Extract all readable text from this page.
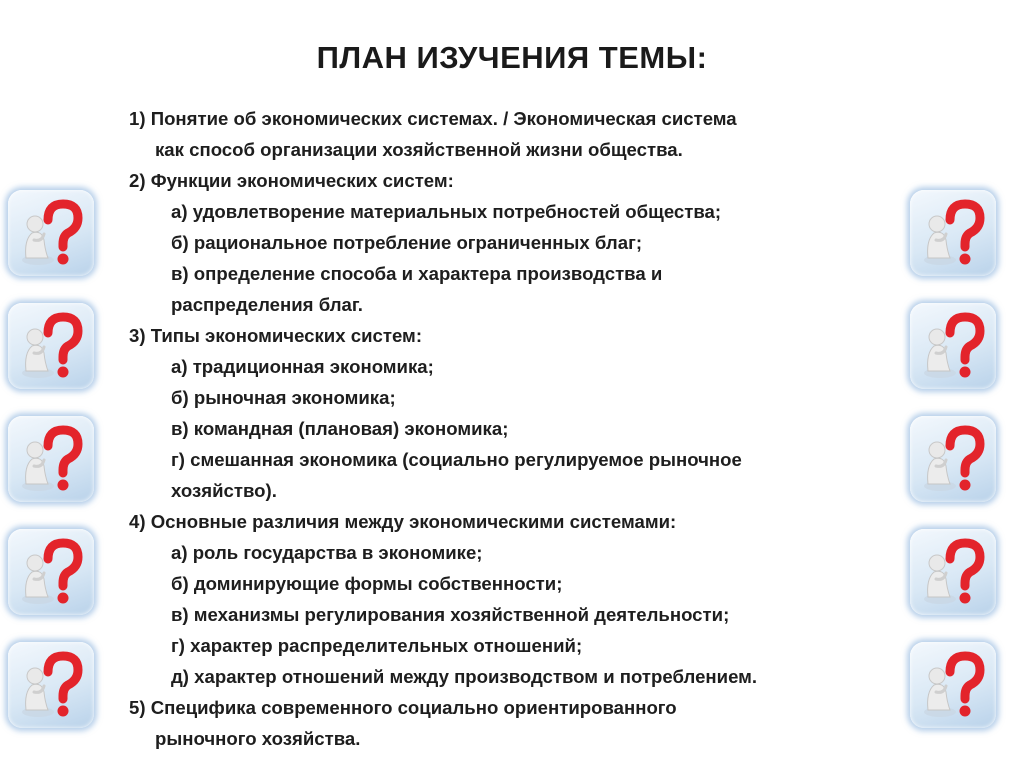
ПЛАН ИЗУЧЕНИЯ ТЕМЫ:
1) Понятие об экономических системах. / Экономическая система
как способ организации хозяйственной жизни общества.
2) Функции экономических систем:
а) удовлетворение материальных потребностей общества;
б) рациональное потребление ограниченных благ;
в) определение способа и характера производства и
распределения благ.
3) Типы экономических систем:
а) традиционная экономика;
б) рыночная экономика;
в) командная (плановая) экономика;
г) смешанная экономика (социально регулируемое рыночное
хозяйство).
4) Основные различия между экономическими системами:
а) роль государства в экономике;
б) доминирующие формы собственности;
в) механизмы регулирования хозяйственной деятельности;
г) характер распределительных отношений;
д) характер отношений между производством и потреблением.
5) Специфика современного социально ориентированного
рыночного хозяйства.
